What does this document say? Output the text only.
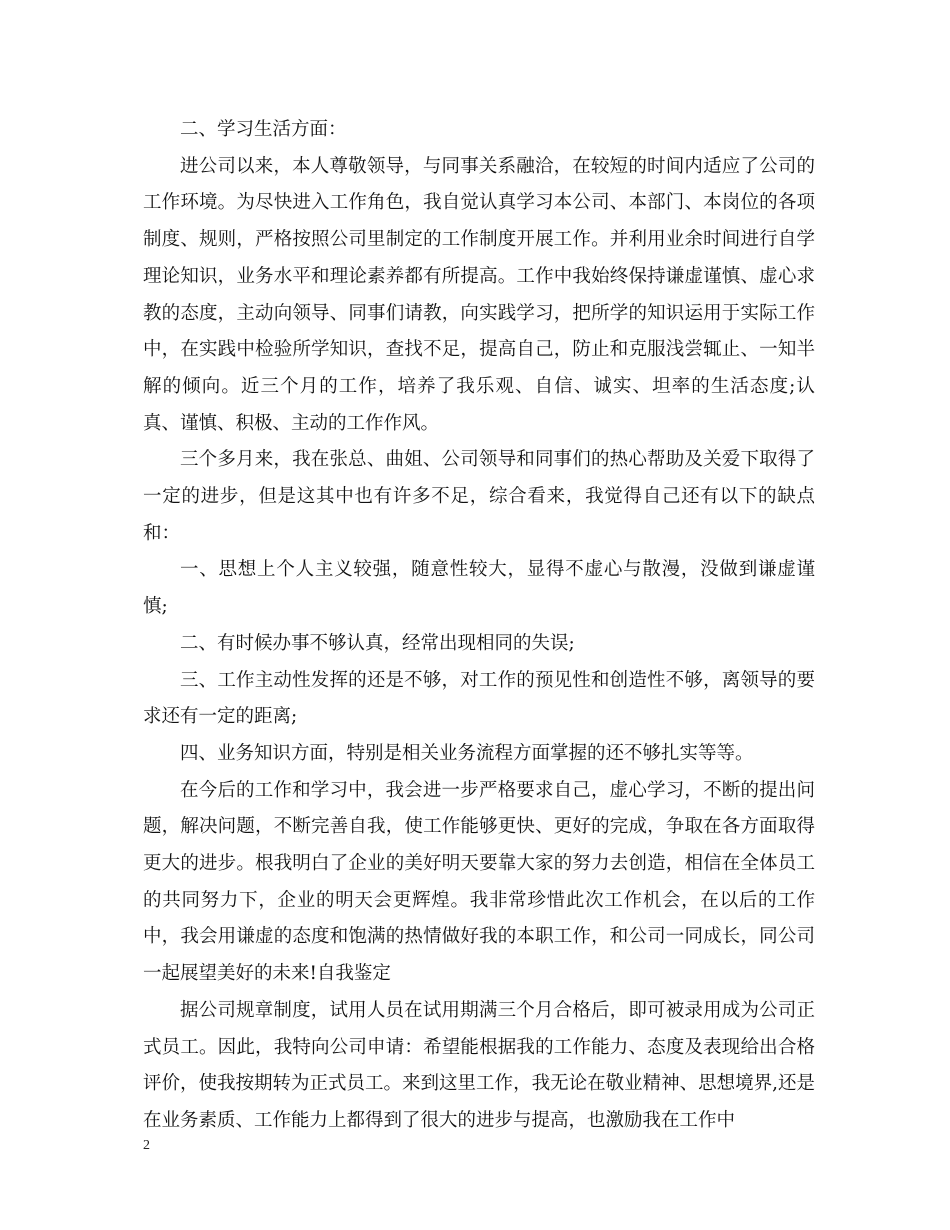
二、学习生活方面：

进公司以来，本人尊敬领导，与同事关系融洽，在较短的时间内适应了公司的工作环境。为尽快进入工作角色，我自觉认真学习本公司、本部门、本岗位的各项制度、规则，严格按照公司里制定的工作制度开展工作。并利用业余时间进行自学理论知识，业务水平和理论素养都有所提高。工作中我始终保持谦虚谨慎、虚心求教的态度，主动向领导、同事们请教，向实践学习，把所学的知识运用于实际工作中，在实践中检验所学知识，查找不足，提高自己，防止和克服浅尝辄止、一知半解的倾向。近三个月的工作，培养了我乐观、自信、诚实、坦率的生活态度;认真、谨慎、积极、主动的工作作风。

三个多月来，我在张总、曲姐、公司领导和同事们的热心帮助及关爱下取得了一定的进步，但是这其中也有许多不足，综合看来，我觉得自己还有以下的缺点和：

一、思想上个人主义较强，随意性较大，显得不虚心与散漫，没做到谦虚谨慎;

二、有时候办事不够认真，经常出现相同的失误;

三、工作主动性发挥的还是不够，对工作的预见性和创造性不够，离领导的要求还有一定的距离;

四、业务知识方面，特别是相关业务流程方面掌握的还不够扎实等等。

在今后的工作和学习中，我会进一步严格要求自己，虚心学习，不断的提出问题，解决问题，不断完善自我，使工作能够更快、更好的完成，争取在各方面取得更大的进步。根我明白了企业的美好明天要靠大家的努力去创造，相信在全体员工的共同努力下，企业的明天会更辉煌。我非常珍惜此次工作机会，在以后的工作中，我会用谦虚的态度和饱满的热情做好我的本职工作，和公司一同成长，同公司一起展望美好的未来!自我鉴定

据公司规章制度，试用人员在试用期满三个月合格后，即可被录用成为公司正式员工。因此，我特向公司申请：希望能根据我的工作能力、态度及表现给出合格评价，使我按期转为正式员工。来到这里工作，我无论在敬业精神、思想境界,还是在业务素质、工作能力上都得到了很大的进步与提高，也激励我在工作中

2
